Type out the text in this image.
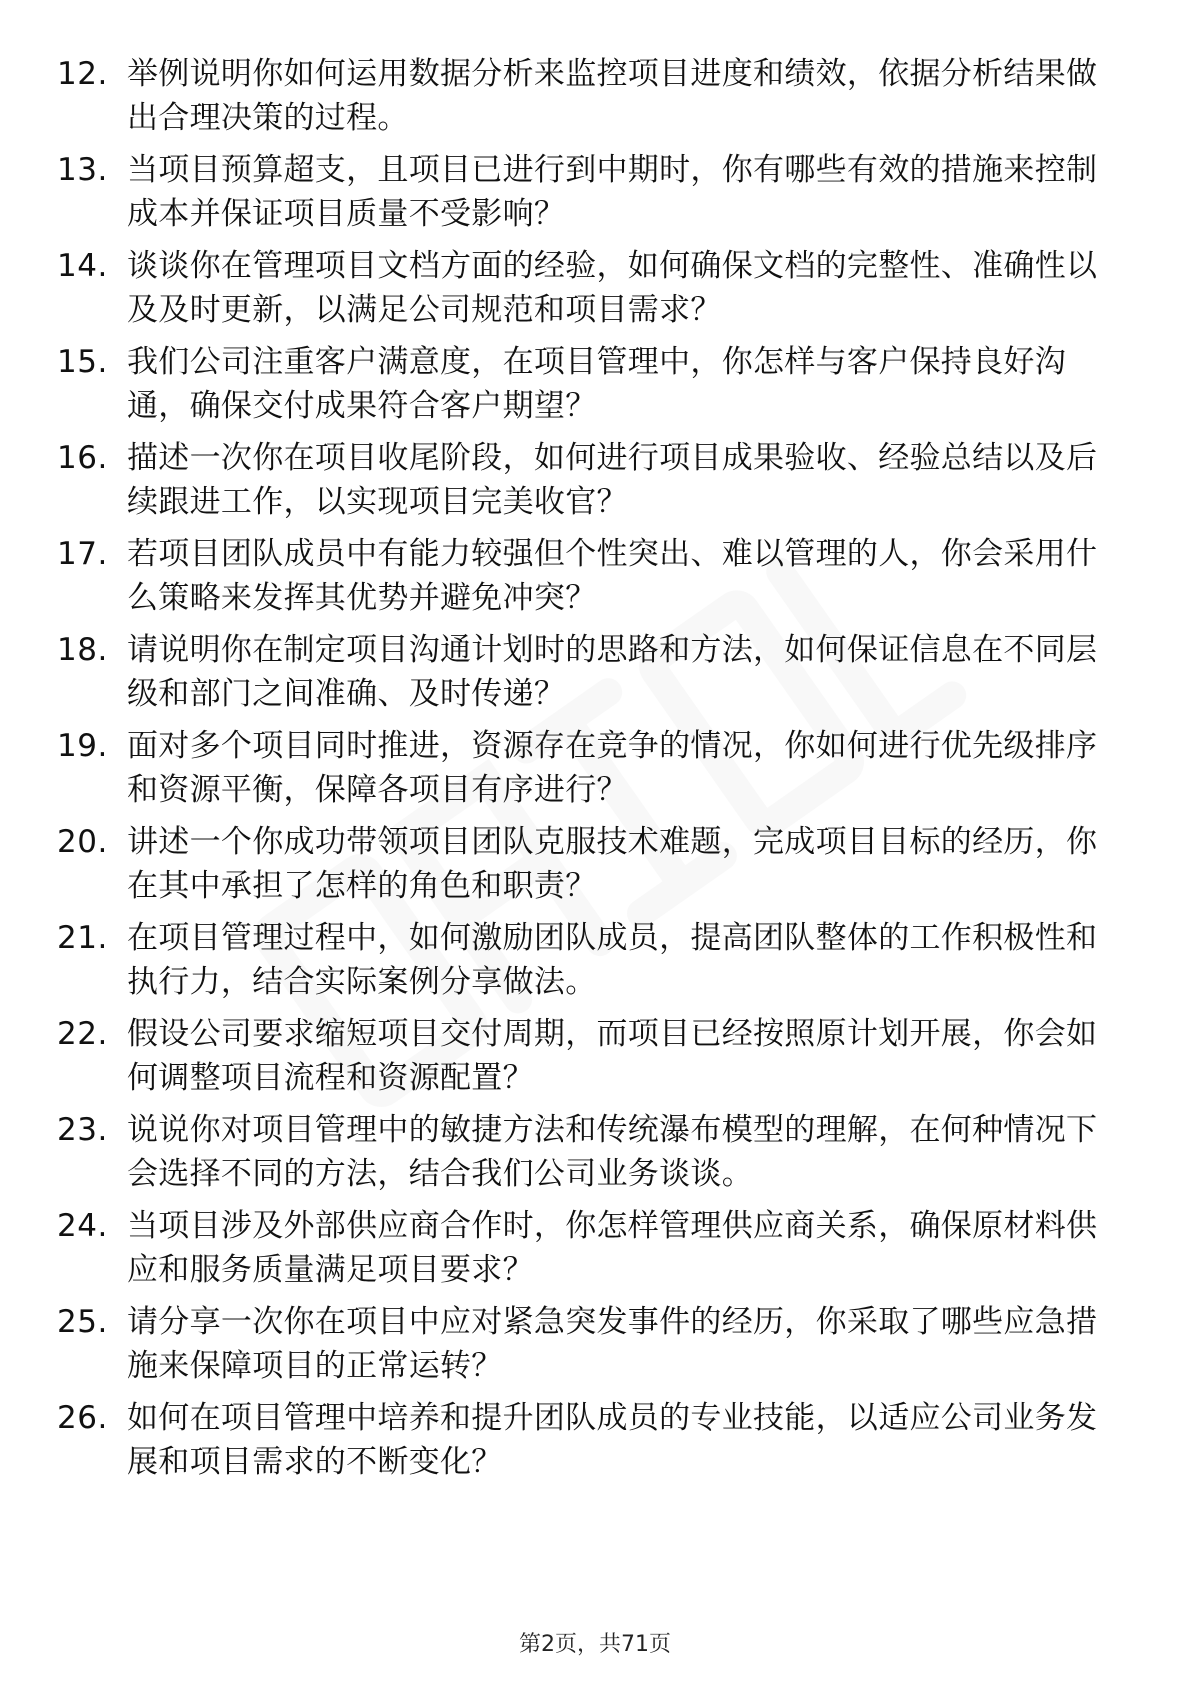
12. 举例说明你如何运用数据分析来监控项目进度和绩效，依据分析结果做出合理决策的过程。
13. 当项目预算超支，且项目已进行到中期时，你有哪些有效的措施来控制成本并保证项目质量不受影响？
14. 谈谈你在管理项目文档方面的经验，如何确保文档的完整性、准确性以及及时更新，以满足公司规范和项目需求？
15. 我们公司注重客户满意度，在项目管理中，你怎样与客户保持良好沟通，确保交付成果符合客户期望？
16. 描述一次你在项目收尾阶段，如何进行项目成果验收、经验总结以及后续跟进工作，以实现项目完美收官？
17. 若项目团队成员中有能力较强但个性突出、难以管理的人，你会采用什么策略来发挥其优势并避免冲突？
18. 请说明你在制定项目沟通计划时的思路和方法，如何保证信息在不同层级和部门之间准确、及时传递？
19. 面对多个项目同时推进，资源存在竞争的情况，你如何进行优先级排序和资源平衡，保障各项目有序进行？
20. 讲述一个你成功带领项目团队克服技术难题，完成项目目标的经历，你在其中承担了怎样的角色和职责？
21. 在项目管理过程中，如何激励团队成员，提高团队整体的工作积极性和执行力，结合实际案例分享做法。
22. 假设公司要求缩短项目交付周期，而项目已经按照原计划开展，你会如何调整项目流程和资源配置？
23. 说说你对项目管理中的敏捷方法和传统瀑布模型的理解，在何种情况下会选择不同的方法，结合我们公司业务谈谈。
24. 当项目涉及外部供应商合作时，你怎样管理供应商关系，确保原材料供应和服务质量满足项目要求？
25. 请分享一次你在项目中应对紧急突发事件的经历，你采取了哪些应急措施来保障项目的正常运转？
26. 如何在项目管理中培养和提升团队成员的专业技能，以适应公司业务发展和项目需求的不断变化？
第2页，共71页
